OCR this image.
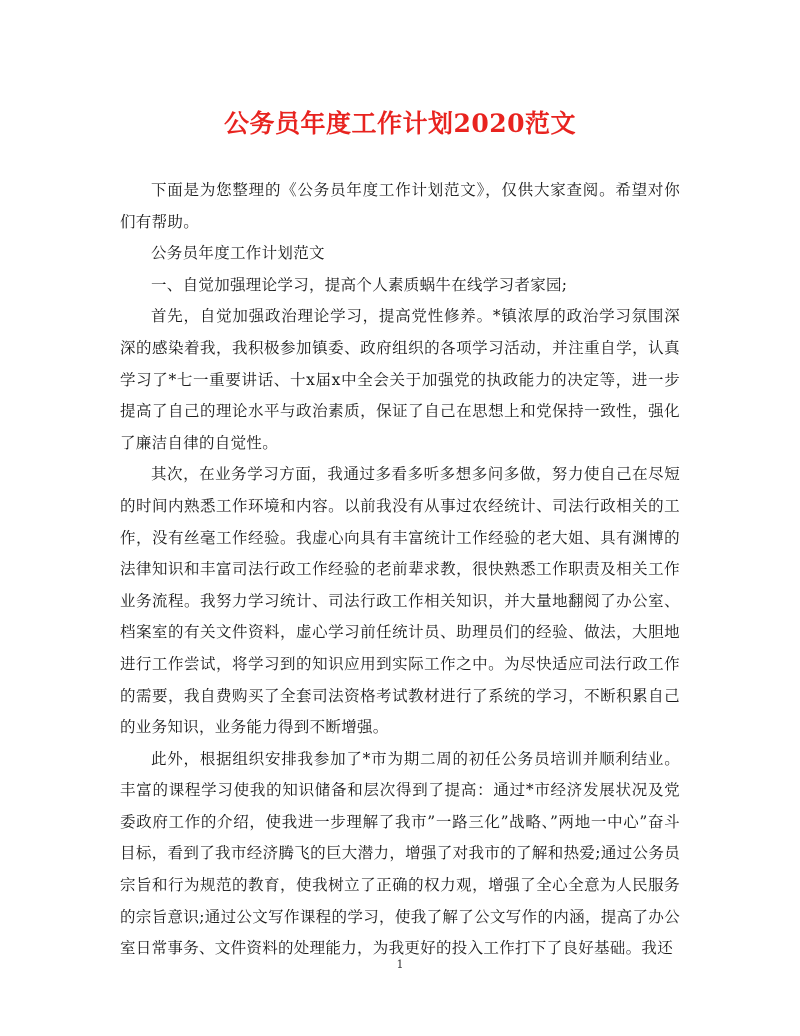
公务员年度工作计划2020范文

下面是为您整理的《公务员年度工作计划范文》，仅供大家查阅。希望对你们有帮助。

公务员年度工作计划范文

一、自觉加强理论学习，提高个人素质蜗牛在线学习者家园;

首先，自觉加强政治理论学习，提高党性修养。*镇浓厚的政治学习氛围深深的感染着我，我积极参加镇委、政府组织的各项学习活动，并注重自学，认真学习了*七一重要讲话、十x届x中全会关于加强党的执政能力的决定等，进一步提高了自己的理论水平与政治素质，保证了自己在思想上和党保持一致性，强化了廉洁自律的自觉性。

其次，在业务学习方面，我通过多看多听多想多问多做，努力使自己在尽短的时间内熟悉工作环境和内容。以前我没有从事过农经统计、司法行政相关的工作，没有丝毫工作经验。我虚心向具有丰富统计工作经验的老大姐、具有渊博的法律知识和丰富司法行政工作经验的老前辈求教，很快熟悉工作职责及相关工作业务流程。我努力学习统计、司法行政工作相关知识，并大量地翻阅了办公室、档案室的有关文件资料，虚心学习前任统计员、助理员们的经验、做法，大胆地进行工作尝试，将学习到的知识应用到实际工作之中。为尽快适应司法行政工作的需要，我自费购买了全套司法资格考试教材进行了系统的学习，不断积累自己的业务知识，业务能力得到不断增强。

此外，根据组织安排我参加了*市为期二周的初任公务员培训并顺利结业。丰富的课程学习使我的知识储备和层次得到了提高：通过*市经济发展状况及党委政府工作的介绍，使我进一步理解了我市”一路三化”战略、”两地一中心”奋斗目标，看到了我市经济腾飞的巨大潜力，增强了对我市的了解和热爱;通过公务员宗旨和行为规范的教育，使我树立了正确的权力观，增强了全心全意为人民服务的宗旨意识;通过公文写作课程的学习，使我了解了公文写作的内涵，提高了办公室日常事务、文件资料的处理能力，为我更好的投入工作打下了良好基础。我还

1
